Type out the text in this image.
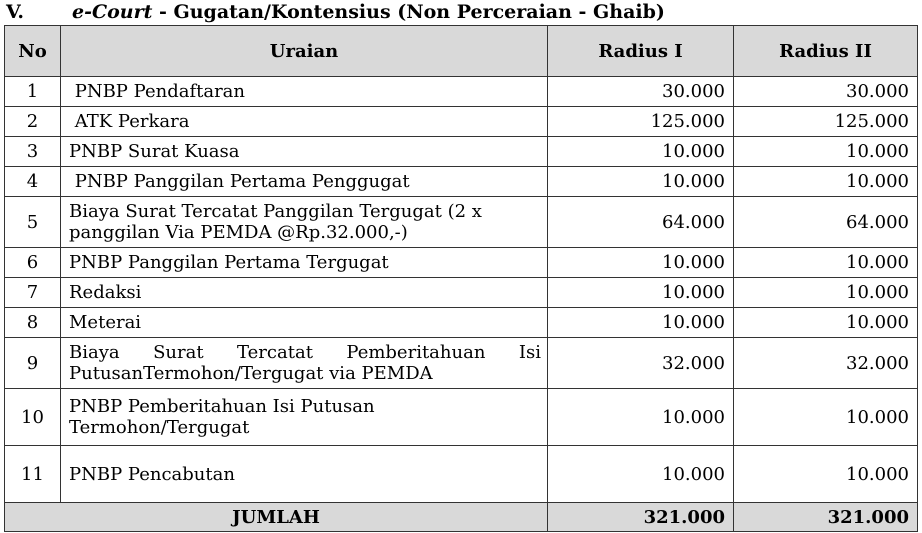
V.	e-Court - Gugatan/Kontensius (Non Perceraian - Ghaib)
No	Uraian	Radius I	Radius II
1	PNBP Pendaftaran	30.000	30.000
2	ATK Perkara	125.000	125.000
3	PNBP Surat Kuasa	10.000	10.000
4	PNBP Panggilan Pertama Penggugat	10.000	10.000
5	Biaya Surat Tercatat Panggilan Tergugat (2 x panggilan Via PEMDA @Rp.32.000,-)	64.000	64.000
6	PNBP Panggilan Pertama Tergugat	10.000	10.000
7	Redaksi	10.000	10.000
8	Meterai	10.000	10.000
9	Biaya Surat Tercatat Pemberitahuan Isi PutusanTermohon/Tergugat via PEMDA	32.000	32.000
10	PNBP Pemberitahuan Isi Putusan Termohon/Tergugat	10.000	10.000
11	PNBP Pencabutan	10.000	10.000
JUMLAH		321.000	321.000
